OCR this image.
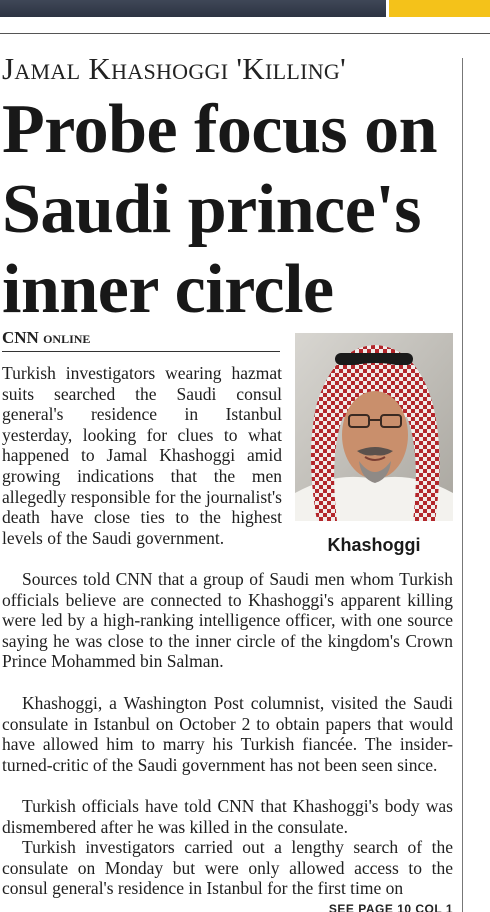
Jamal Khashoggi 'Killing'
Probe focus on Saudi prince's inner circle
CNN online
Khashoggi

Turkish investigators wearing hazmat suits searched the Saudi consul general's residence in Istanbul yesterday, looking for clues to what happened to Jamal Khashoggi amid growing indications that the men allegedly responsible for the journalist's death have close ties to the highest levels of the Saudi government.

Sources told CNN that a group of Saudi men whom Turkish officials believe are connected to Khashoggi's apparent killing were led by a high-ranking intelligence officer, with one source saying he was close to the inner circle of the kingdom's Crown Prince Mohammed bin Salman.

Khashoggi, a Washington Post columnist, visited the Saudi consulate in Istanbul on October 2 to obtain papers that would have allowed him to marry his Turkish fiancée. The insider-turned-critic of the Saudi government has not been seen since.

Turkish officials have told CNN that Khashoggi's body was dismembered after he was killed in the consulate.

Turkish investigators carried out a lengthy search of the consulate on Monday but were only allowed access to the consul general's residence in Istanbul for the first time on

SEE PAGE 10 COL 1
